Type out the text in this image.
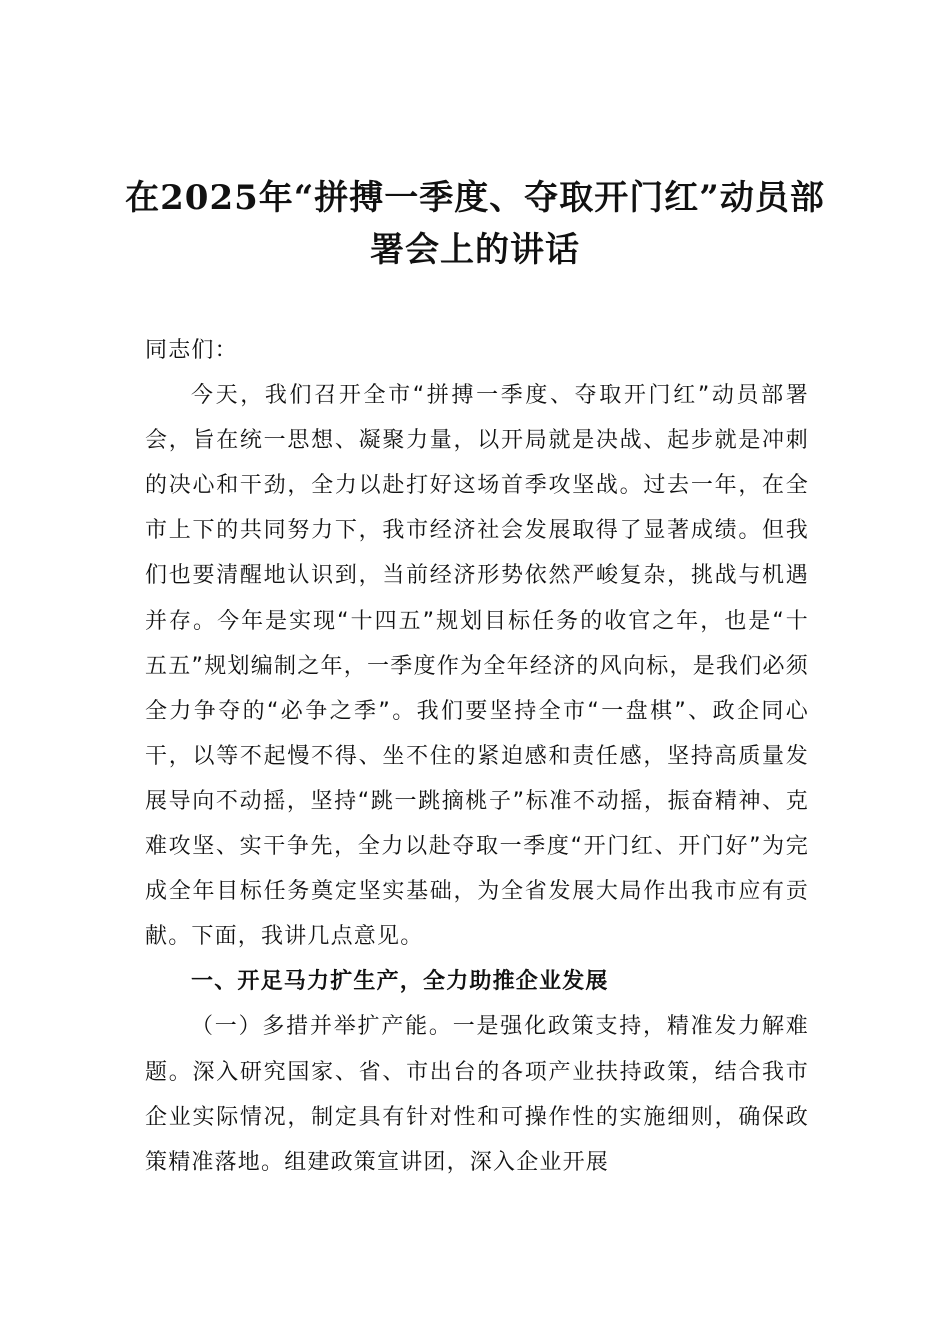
在2025年“拼搏一季度、夺取开门红”动员部署会上的讲话

同志们：

今天，我们召开全市“拼搏一季度、夺取开门红”动员部署会，旨在统一思想、凝聚力量，以开局就是决战、起步就是冲刺的决心和干劲，全力以赴打好这场首季攻坚战。过去一年，在全市上下的共同努力下，我市经济社会发展取得了显著成绩。但我们也要清醒地认识到，当前经济形势依然严峻复杂，挑战与机遇并存。今年是实现“十四五”规划目标任务的收官之年，也是“十五五”规划编制之年，一季度作为全年经济的风向标，是我们必须全力争夺的“必争之季”。我们要坚持全市“一盘棋”、政企同心干，以等不起慢不得、坐不住的紧迫感和责任感，坚持高质量发展导向不动摇，坚持“跳一跳摘桃子”标准不动摇，振奋精神、克难攻坚、实干争先，全力以赴夺取一季度“开门红、开门好”为完成全年目标任务奠定坚实基础，为全省发展大局作出我市应有贡献。下面，我讲几点意见。

一、开足马力扩生产，全力助推企业发展

（一）多措并举扩产能。一是强化政策支持，精准发力解难题。深入研究国家、省、市出台的各项产业扶持政策，结合我市企业实际情况，制定具有针对性和可操作性的实施细则，确保政策精准落地。组建政策宣讲团，深入企业开展
